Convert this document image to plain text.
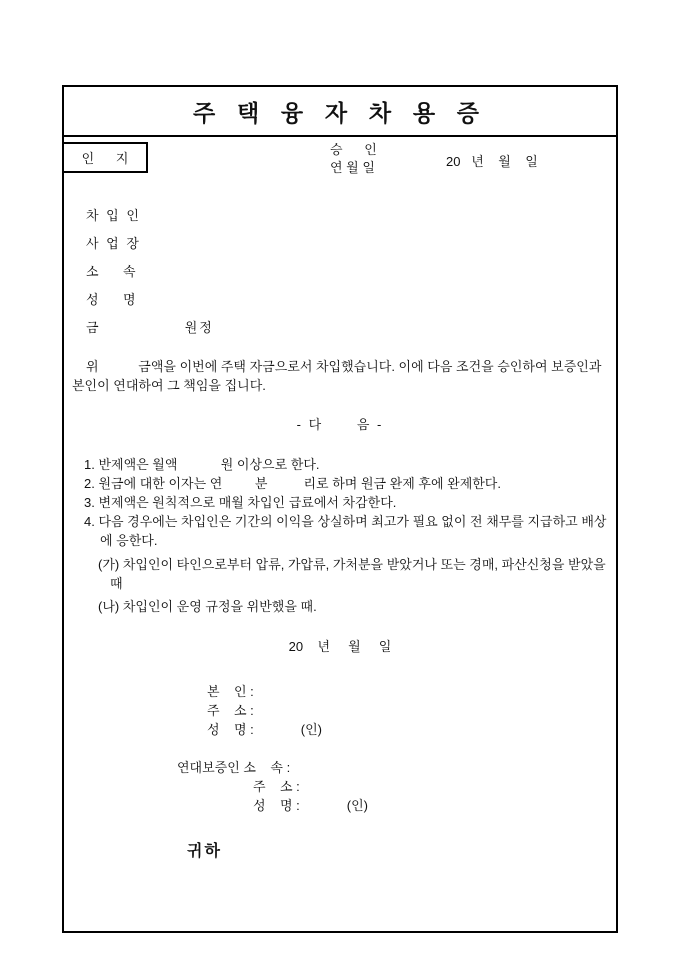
주 택 융 자 차 용 증
인      지
승      인
연 월 일	20   년    월    일
차 입 인
사 업 장
소    속
성    명
금               원정
위           금액을 이번에 주택 자금으로서 차입했습니다. 이에 다음 조건을 승인하여 보증인과 본인이 연대하여 그 책임을 집니다.
- 다      음 -
1. 반제액은 월액            원 이상으로 한다.
2. 원금에 대한 이자는 연         분          리로 하며 원금 완제 후에 완제한다.
3. 변제액은 원칙적으로 매월 차입인 급료에서 차감한다.
4. 다음 경우에는 차입인은 기간의 이익을 상실하며 최고가 필요 없이 전 채무를 지급하고 배상에 응한다.
(가) 차입인이 타인으로부터 압류, 가압류, 가처분을 받았거나 또는 경매, 파산신청을 받았을 때
(나) 차입인이 운영 규정을 위반했을 때.
20    년     월     일
본    인 :
주    소 :
성    명 :             (인)
연대보증인 소    속 :
주    소 :
성    명 :             (인)
귀하
